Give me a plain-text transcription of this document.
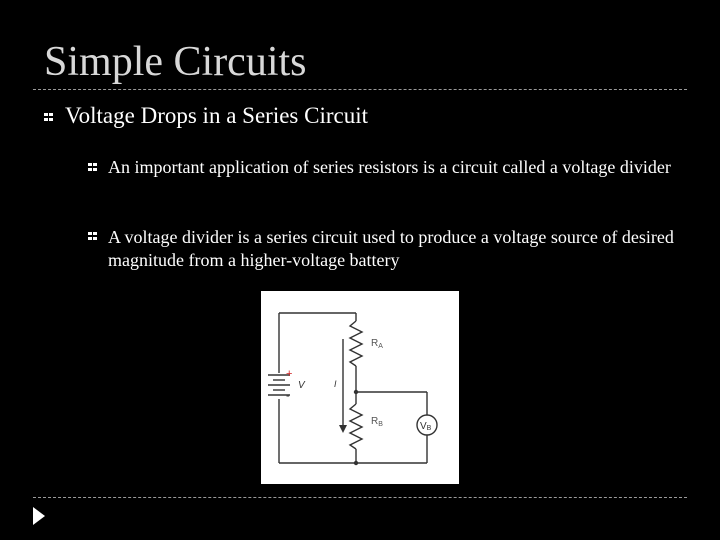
Simple Circuits
Voltage Drops in a Series Circuit
An important application of series resistors is a circuit called a voltage divider
A voltage divider is a series circuit used to produce a voltage source of desired magnitude from a higher-voltage battery
+
-
V	I
$R_A$
$R_B$	VB
